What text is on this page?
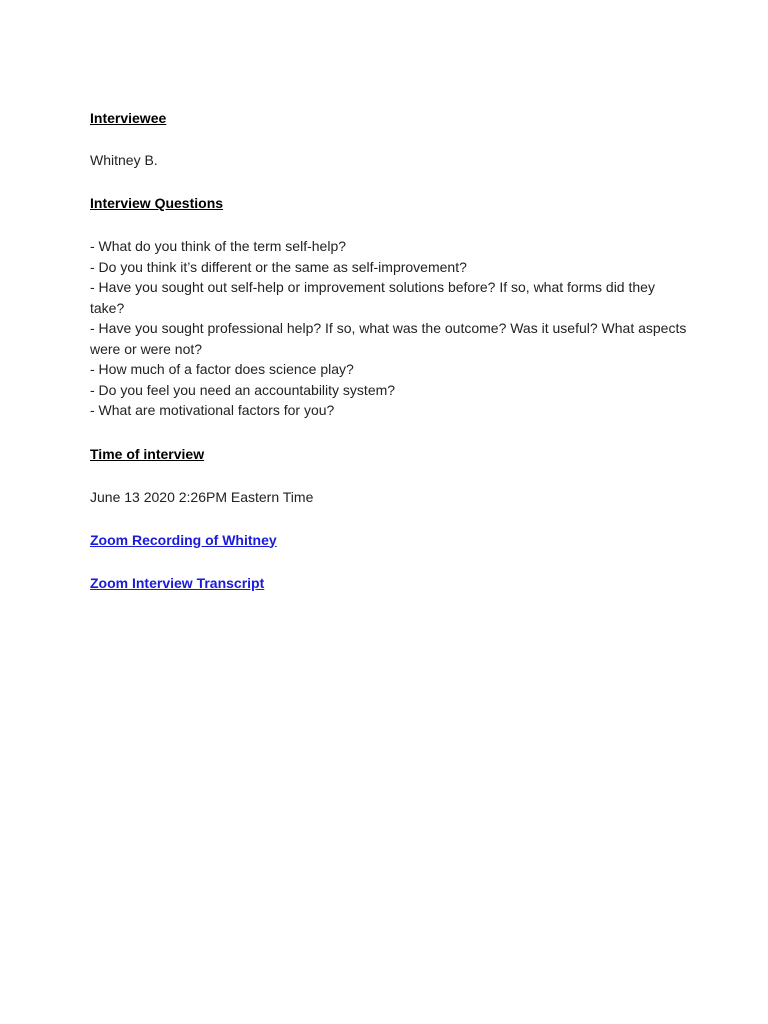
Interviewee

Whitney B.

Interview Questions

- What do you think of the term self-help?
- Do you think it’s different or the same as self-improvement?
- Have you sought out self-help or improvement solutions before? If so, what forms did they take?
- Have you sought professional help? If so, what was the outcome? Was it useful? What aspects were or were not?
- How much of a factor does science play?
- Do you feel you need an accountability system?
- What are motivational factors for you?

Time of interview

June 13 2020 2:26PM Eastern Time

Zoom Recording of Whitney
Zoom Interview Transcript
